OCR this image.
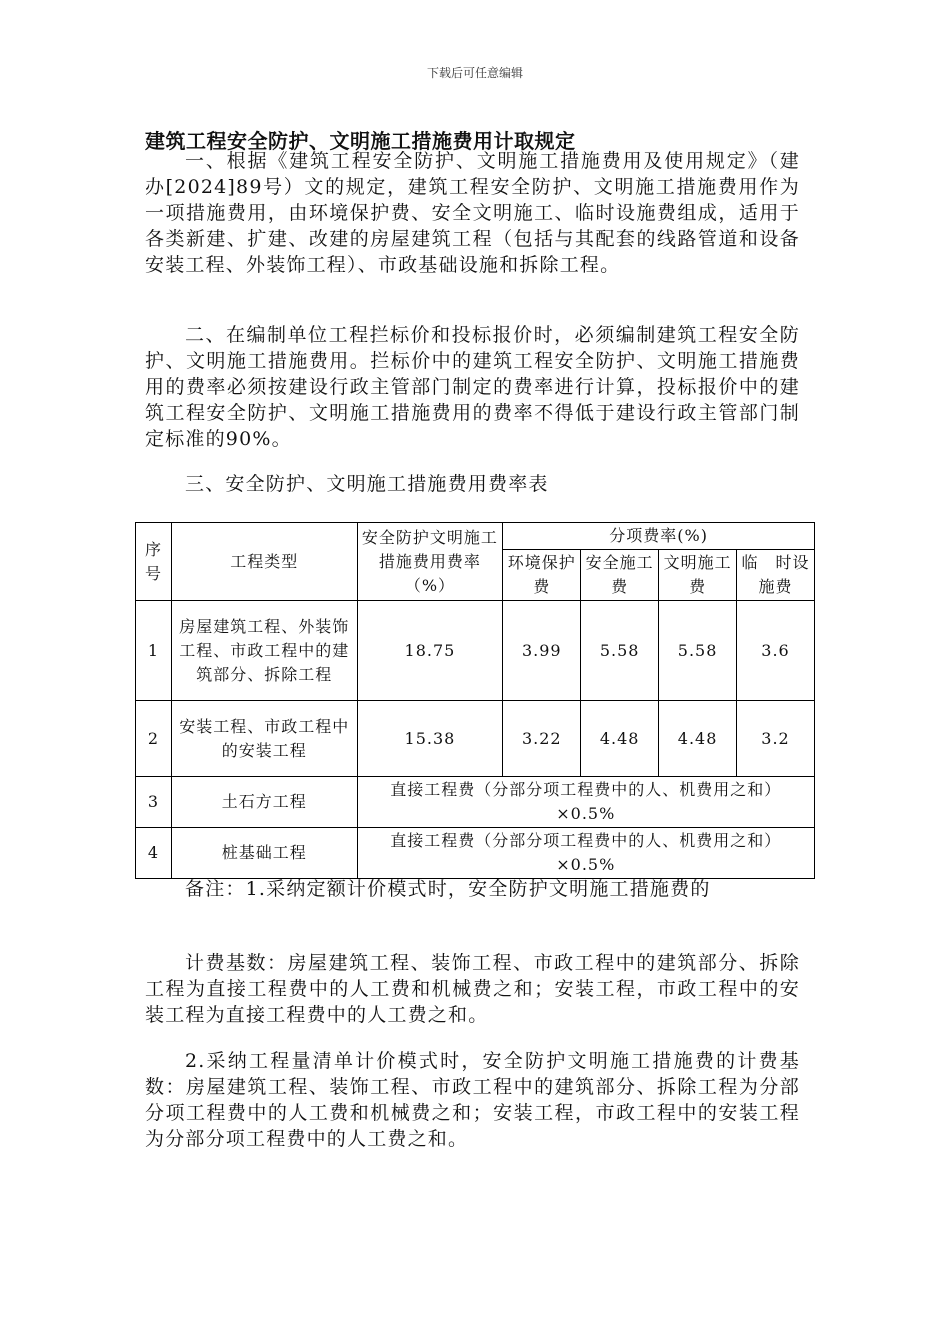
下载后可任意编辑
建筑工程安全防护、文明施工措施费用计取规定
一、根据《建筑工程安全防护、文明施工措施费用及使用规定》（建办[2024]89号）文的规定，建筑工程安全防护、文明施工措施费用作为一项措施费用，由环境保护费、安全文明施工、临时设施费组成，适用于各类新建、扩建、改建的房屋建筑工程（包括与其配套的线路管道和设备安装工程、外装饰工程）、市政基础设施和拆除工程。
二、在编制单位工程拦标价和投标报价时，必须编制建筑工程安全防护、文明施工措施费用。拦标价中的建筑工程安全防护、文明施工措施费用的费率必须按建设行政主管部门制定的费率进行计算，投标报价中的建筑工程安全防护、文明施工措施费用的费率不得低于建设行政主管部门制定标准的90%。
三、安全防护、文明施工措施费用费率表
序号	工程类型	安全防护文明施工措施费用费率（%）	分项费率(%)			
			环境保护费	安全施工费	文明施工费	临　时设施费
1	房屋建筑工程、外装饰工程、市政工程中的建筑部分、拆除工程	18.75	3.99	5.58	5.58	3.6
2	安装工程、市政工程中的安装工程	15.38	3.22	4.48	4.48	3.2
3	土石方工程	直接工程费（分部分项工程费中的人、机费用之和）×0.5%				
4	桩基础工程	直接工程费（分部分项工程费中的人、机费用之和）×0.5%				
备注：1.采纳定额计价模式时，安全防护文明施工措施费的
计费基数：房屋建筑工程、装饰工程、市政工程中的建筑部分、拆除工程为直接工程费中的人工费和机械费之和；安装工程，市政工程中的安装工程为直接工程费中的人工费之和。
2.采纳工程量清单计价模式时，安全防护文明施工措施费的计费基数：房屋建筑工程、装饰工程、市政工程中的建筑部分、拆除工程为分部分项工程费中的人工费和机械费之和；安装工程，市政工程中的安装工程为分部分项工程费中的人工费之和。
